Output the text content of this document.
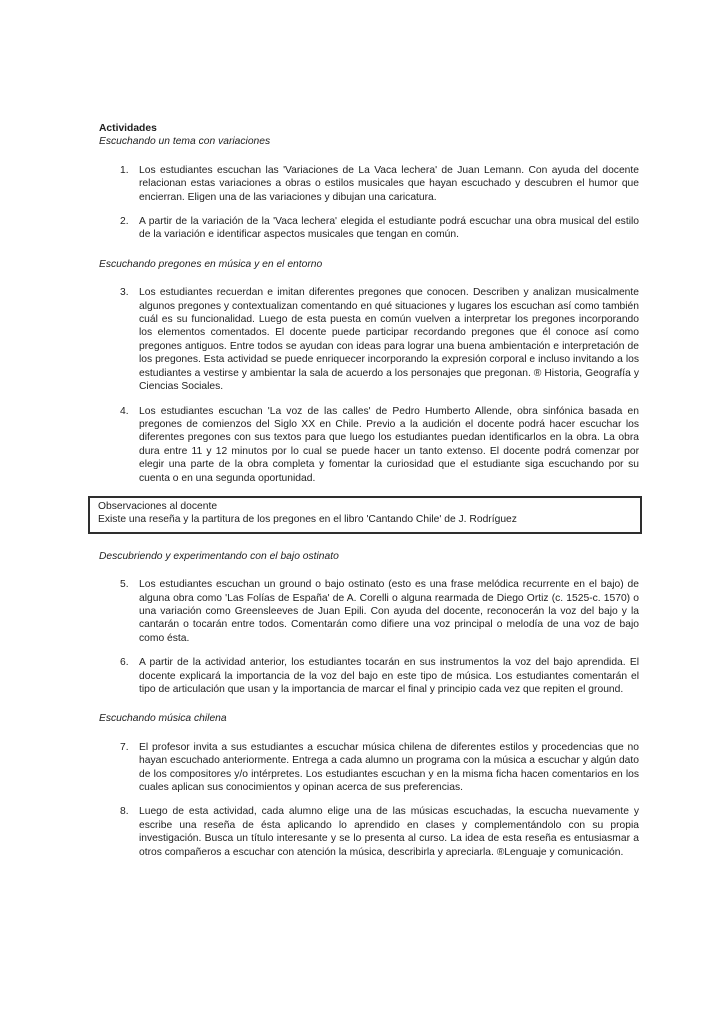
Actividades
Escuchando un tema con variaciones
1.	Los estudiantes escuchan las 'Variaciones de La Vaca lechera' de Juan Lemann. Con ayuda del docente relacionan estas variaciones a obras o estilos musicales que hayan escuchado y descubren el humor que encierran. Eligen una de las variaciones y dibujan una caricatura.
2.	A partir de la variación de la 'Vaca lechera' elegida el estudiante podrá escuchar una obra musical del estilo de la variación e identificar aspectos musicales que tengan en común.
Escuchando pregones en música y en el entorno
3.	Los estudiantes recuerdan e imitan diferentes pregones que conocen. Describen y analizan musicalmente algunos pregones y contextualizan comentando en qué situaciones y lugares los escuchan así como también cuál es su funcionalidad. Luego de esta puesta en común vuelven a interpretar los pregones incorporando los elementos comentados. El docente puede participar recordando pregones que él conoce así como pregones antiguos. Entre todos se ayudan con ideas para lograr una buena ambientación e interpretación de los pregones. Esta actividad se puede enriquecer incorporando la expresión corporal e incluso invitando a los estudiantes a vestirse y ambientar la sala de acuerdo a los personajes que pregonan. ® Historia, Geografía y Ciencias Sociales.
4.	Los estudiantes escuchan 'La voz de las calles' de Pedro Humberto Allende, obra sinfónica basada en pregones de comienzos del Siglo XX en Chile. Previo a la audición el docente podrá hacer escuchar los diferentes pregones con sus textos para que luego los estudiantes puedan identificarlos en la obra. La obra dura entre 11 y 12 minutos por lo cual se puede hacer un tanto extenso. El docente podrá comenzar por elegir una parte de la obra completa y fomentar la curiosidad que el estudiante siga escuchando por su cuenta o en una segunda oportunidad.
Observaciones al docente
Existe una reseña y la partitura de los pregones en el libro 'Cantando Chile' de J. Rodríguez
Descubriendo y experimentando con el bajo ostinato
5.	Los estudiantes escuchan un ground o bajo ostinato (esto es una frase melódica recurrente en el bajo) de alguna obra como 'Las Folías de España' de A. Corelli o alguna rearmada de Diego Ortiz (c. 1525-c. 1570) o una variación como Greensleeves de Juan Epili. Con ayuda del docente, reconocerán la voz del bajo y la cantarán o tocarán entre todos. Comentarán como difiere una voz principal o melodía de una voz de bajo como ésta.
6.	A partir de la actividad anterior, los estudiantes tocarán en sus instrumentos la voz del bajo aprendida. El docente explicará la importancia de la voz del bajo en este tipo de música. Los estudiantes comentarán el tipo de articulación que usan y la importancia de marcar el final y principio cada vez que repiten el ground.
Escuchando música chilena
7.	El profesor invita a sus estudiantes a escuchar música chilena de diferentes estilos y procedencias que no hayan escuchado anteriormente. Entrega a cada alumno un programa con la música a escuchar y algún dato de los compositores y/o intérpretes. Los estudiantes escuchan y en la misma ficha hacen comentarios en los cuales aplican sus conocimientos y opinan acerca de sus preferencias.
8.	Luego de esta actividad, cada alumno elige una de las músicas escuchadas, la escucha nuevamente y escribe una reseña de ésta aplicando lo aprendido en clases y complementándolo con su propia investigación. Busca un título interesante y se lo presenta al curso. La idea de esta reseña es entusiasmar a otros compañeros a escuchar con atención la música, describirla y apreciarla. ®Lenguaje y comunicación.
